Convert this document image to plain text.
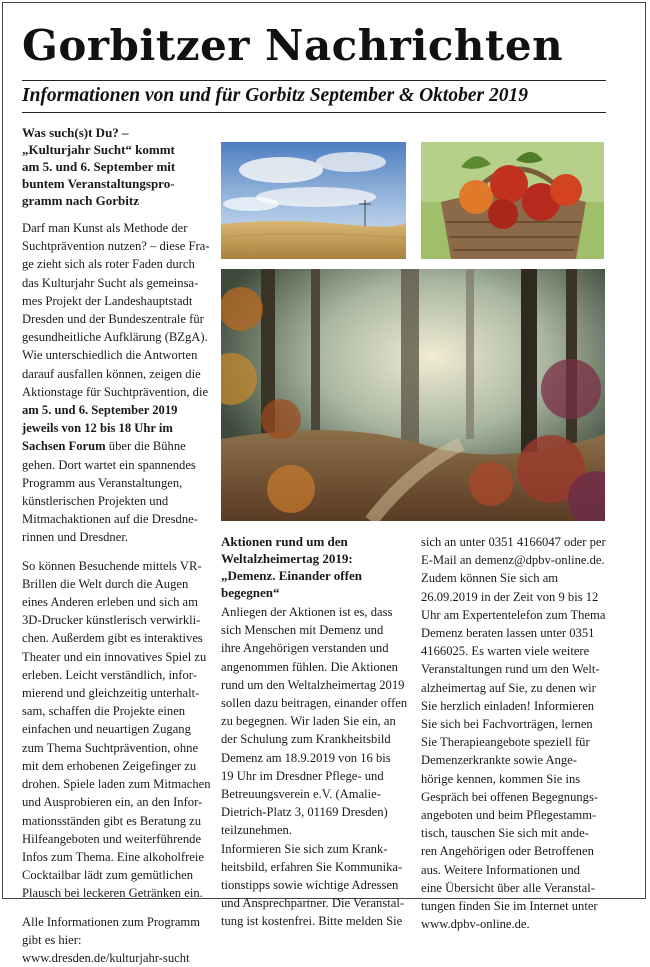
Gorbitzer Nachrichten
Informationen von und für Gorbitz September & Oktober 2019
Was such(s)t Du? –
„Kulturjahr Sucht“ kommt
am 5. und 6. September mit
buntem Veranstaltungspro-
gramm nach Gorbitz
Darf man Kunst als Methode der
Suchtprävention nutzen? – diese Fra-
ge zieht sich als roter Faden durch
das Kulturjahr Sucht als gemeinsa-
mes Projekt der Landeshauptstadt
Dresden und der Bundeszentrale für
gesundheitliche Aufklärung (BZgA).
Wie unterschiedlich die Antworten
darauf ausfallen können, zeigen die
Aktionstage für Suchtprävention, die
am 5. und 6. September 2019
jeweils von 12 bis 18 Uhr im
Sachsen Forum über die Bühne
gehen. Dort wartet ein spannendes
Programm aus Veranstaltungen,
künstlerischen Projekten und
Mitmachaktionen auf die Dresdne-
rinnen und Dresdner.
So können Besuchende mittels VR-
Brillen die Welt durch die Augen
eines Anderen erleben und sich am
3D-Drucker künstlerisch verwirkli-
chen. Außerdem gibt es interaktives
Theater und ein innovatives Spiel zu
erleben. Leicht verständlich, infor-
mierend und gleichzeitig unterhalt-
sam, schaffen die Projekte einen
einfachen und neuartigen Zugang
zum Thema Suchtprävention, ohne
mit dem erhobenen Zeigefinger zu
drohen. Spiele laden zum Mitmachen
und Ausprobieren ein, an den Infor-
mationsständen gibt es Beratung zu
Hilfeangeboten und weiterführende
Infos zum Thema. Eine alkoholfreie
Cocktailbar lädt zum gemütlichen
Plausch bei leckeren Getränken ein.
Alle Informationen zum Programm
gibt es hier:
www.dresden.de/kulturjahr-sucht
Aktionen rund um den
Weltalzheimertag 2019:
„Demenz. Einander offen
begegnen“
Anliegen der Aktionen ist es, dass
sich Menschen mit Demenz und
ihre Angehörigen verstanden und
angenommen fühlen. Die Aktionen
rund um den Weltalzheimertag 2019
sollen dazu beitragen, einander offen
zu begegnen. Wir laden Sie ein, an
der Schulung zum Krankheitsbild
Demenz am 18.9.2019 von 16 bis
19 Uhr im Dresdner Pflege- und
Betreuungsverein e.V. (Amalie-
Dietrich-Platz 3, 01169 Dresden)
teilzunehmen.
Informieren Sie sich zum Krank-
heitsbild, erfahren Sie Kommunika-
tionstipps sowie wichtige Adressen
und Ansprechpartner. Die Veranstal-
tung ist kostenfrei. Bitte melden Sie
sich an unter 0351 4166047 oder per
E-Mail an demenz@dpbv-online.de.
Zudem können Sie sich am
26.09.2019 in der Zeit von 9 bis 12
Uhr am Expertentelefon zum Thema
Demenz beraten lassen unter 0351
4166025. Es warten viele weitere
Veranstaltungen rund um den Welt-
alzheimertag auf Sie, zu denen wir
Sie herzlich einladen! Informieren
Sie sich bei Fachvorträgen, lernen
Sie Therapieangebote speziell für
Demenzerkrankte sowie Ange-
hörige kennen, kommen Sie ins
Gespräch bei offenen Begegnungs-
angeboten und beim Pflegestamm-
tisch, tauschen Sie sich mit ande-
ren Angehörigen oder Betroffenen
aus. Weitere Informationen und
eine Übersicht über alle Veranstal-
tungen finden Sie im Internet unter
www.dpbv-online.de.
